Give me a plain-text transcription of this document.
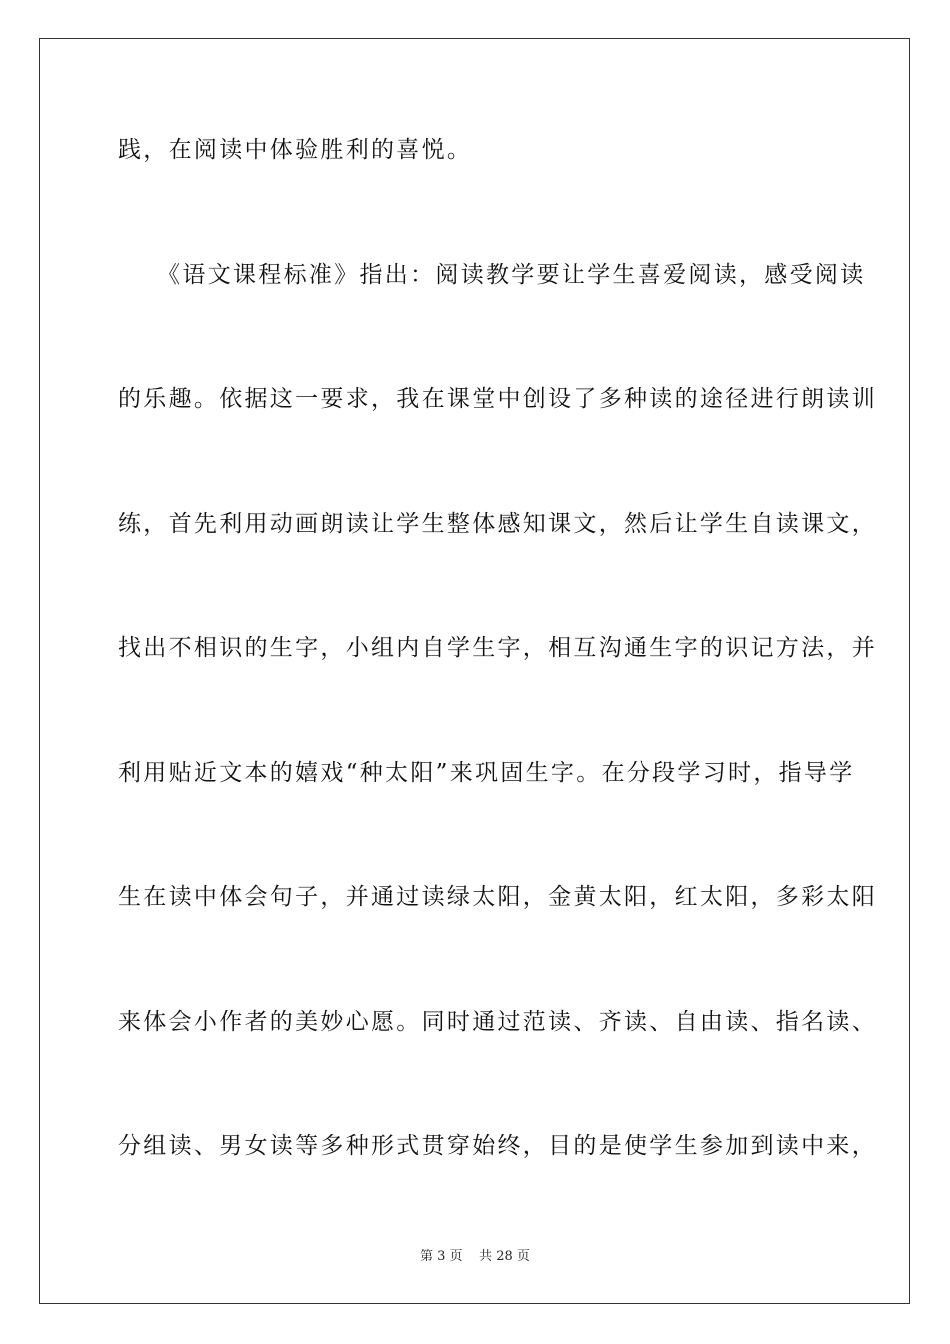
践，在阅读中体验胜利的喜悦。
　　《语文课程标准》指出：阅读教学要让学生喜爱阅读，感受阅读
的乐趣。依据这一要求，我在课堂中创设了多种读的途径进行朗读训
练，首先利用动画朗读让学生整体感知课文，然后让学生自读课文，
找出不相识的生字，小组内自学生字，相互沟通生字的识记方法，并
利用贴近文本的嬉戏“种太阳”来巩固生字。在分段学习时，指导学
生在读中体会句子，并通过读绿太阳，金黄太阳，红太阳，多彩太阳
来体会小作者的美妙心愿。同时通过范读、齐读、自由读、指名读、
分组读、男女读等多种形式贯穿始终，目的是使学生参加到读中来，
第 3 页 共 28 页
